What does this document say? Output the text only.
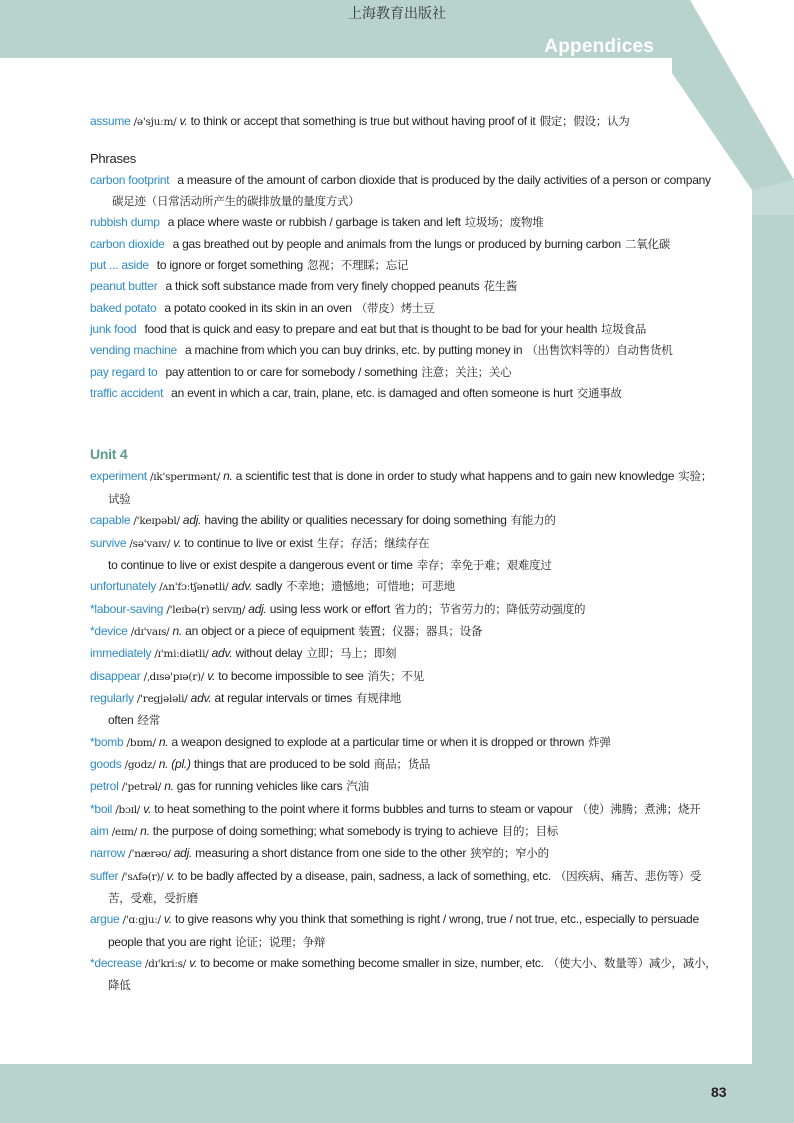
上海教育出版社
Appendices
assume /ə'sjuːm/ v. to think or accept that something is true but without having proof of it 假定；假设；认为
Phrases
carbon footprint a measure of the amount of carbon dioxide that is produced by the daily activities of a person or company碳足迹（日常活动所产生的碳排放量的量度方式）
rubbish dump a place where waste or rubbish / garbage is taken and left 垃圾场；废物堆
carbon dioxide a gas breathed out by people and animals from the lungs or produced by burning carbon 二氧化碳
put ... aside to ignore or forget something 忽视；不理睬；忘记
peanut butter a thick soft substance made from very finely chopped peanuts 花生酱
baked potato a potato cooked in its skin in an oven （带皮）烤土豆
junk food food that is quick and easy to prepare and eat but that is thought to be bad for your health 垃圾食品
vending machine a machine from which you can buy drinks, etc. by putting money in （出售饮料等的）自动售货机
pay regard to pay attention to or care for somebody / something 注意；关注；关心
traffic accident an event in which a car, train, plane, etc. is damaged and often someone is hurt 交通事故
Unit 4
experiment /ɪk'sperɪmənt/ n. a scientific test that is done in order to study what happens and to gain new knowledge 实验；试验
capable /'keɪpəbl/ adj. having the ability or qualities necessary for doing something 有能力的
survive /sə'vaɪv/ v. to continue to live or exist 生存；存活；继续存在
to continue to live or exist despite a dangerous event or time 幸存；幸免于难；艰难度过
unfortunately /ʌn'fɔːtʃənətli/ adv. sadly 不幸地；遗憾地；可惜地；可悲地
*labour-saving /'leɪbə(r) seɪvɪŋ/ adj. using less work or effort 省力的；节省劳力的；降低劳动强度的
*device /dɪ'vaɪs/ n. an object or a piece of equipment 装置；仪器；器具；设备
immediately /ɪ'miːdiətli/ adv. without delay 立即；马上；即刻
disappear /ˌdɪsə'pɪə(r)/ v. to become impossible to see 消失；不见
regularly /'regjələli/ adv. at regular intervals or times 有规律地
often 经常
*bomb /bɒm/ n. a weapon designed to explode at a particular time or when it is dropped or thrown 炸弹
goods /gʊdz/ n. (pl.) things that are produced to be sold 商品；货品
petrol /'petrəl/ n. gas for running vehicles like cars 汽油
*boil /bɔɪl/ v. to heat something to the point where it forms bubbles and turns to steam or vapour （使）沸腾；煮沸；烧开
aim /eɪm/ n. the purpose of doing something; what somebody is trying to achieve 目的；目标
narrow /'nærəʊ/ adj. measuring a short distance from one side to the other 狭窄的；窄小的
suffer /'sʌfə(r)/ v. to be badly affected by a disease, pain, sadness, a lack of something, etc. （因疾病、痛苦、悲伤等）受苦，受难，受折磨
argue /'ɑːgjuː/ v. to give reasons why you think that something is right / wrong, true / not true, etc., especially to persuade people that you are right 论证；说理；争辩
*decrease /dɪ'kriːs/ v. to become or make something become smaller in size, number, etc. （使大小、数量等）减少，减小，降低
83
